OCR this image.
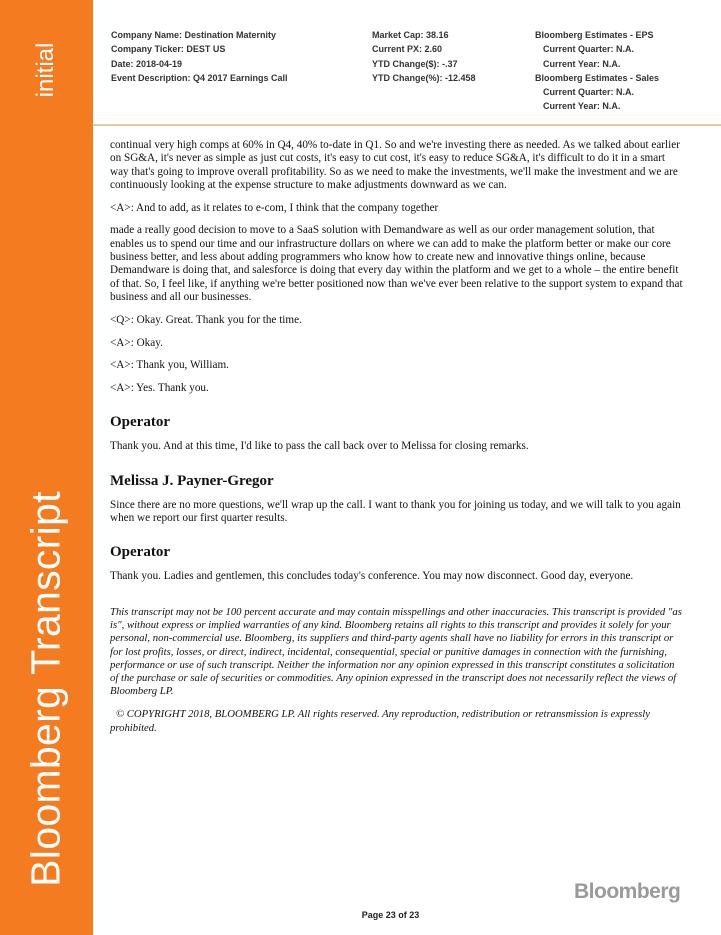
initial
Bloomberg Transcript
Company Name: Destination Maternity
Company Ticker: DEST US
Date: 2018-04-19
Event Description: Q4 2017 Earnings Call
Market Cap: 38.16
Current PX: 2.60
YTD Change($): -.37
YTD Change(%): -12.458
Bloomberg Estimates - EPS
Current Quarter: N.A.
Current Year: N.A.
Bloomberg Estimates - Sales
Current Quarter: N.A.
Current Year: N.A.

continual very high comps at 60% in Q4, 40% to-date in Q1. So and we're investing there as needed. As we talked about earlier on SG&A, it's never as simple as just cut costs, it's easy to cut cost, it's easy to reduce SG&A, it's difficult to do it in a smart way that's going to improve overall profitability. So as we need to make the investments, we'll make the investment and we are continuously looking at the expense structure to make adjustments downward as we can.

<A>: And to add, as it relates to e-com, I think that the company together

made a really good decision to move to a SaaS solution with Demandware as well as our order management solution, that enables us to spend our time and our infrastructure dollars on where we can add to make the platform better or make our core business better, and less about adding programmers who know how to create new and innovative things online, because Demandware is doing that, and salesforce is doing that every day within the platform and we get to a whole – the entire benefit of that. So, I feel like, if anything we're better positioned now than we've ever been relative to the support system to expand that business and all our businesses.

<Q>: Okay. Great. Thank you for the time.

<A>: Okay.

<A>: Thank you, William.

<A>: Yes. Thank you.

Operator

Thank you. And at this time, I'd like to pass the call back over to Melissa for closing remarks.

Melissa J. Payner-Gregor

Since there are no more questions, we'll wrap up the call. I want to thank you for joining us today, and we will talk to you again when we report our first quarter results.

Operator

Thank you. Ladies and gentlemen, this concludes today's conference. You may now disconnect. Good day, everyone.

This transcript may not be 100 percent accurate and may contain misspellings and other inaccuracies. This transcript is provided "as is", without express or implied warranties of any kind. Bloomberg retains all rights to this transcript and provides it solely for your personal, non-commercial use. Bloomberg, its suppliers and third-party agents shall have no liability for errors in this transcript or for lost profits, losses, or direct, indirect, incidental, consequential, special or punitive damages in connection with the furnishing, performance or use of such transcript. Neither the information nor any opinion expressed in this transcript constitutes a solicitation of the purchase or sale of securities or commodities. Any opinion expressed in the transcript does not necessarily reflect the views of Bloomberg LP.

© COPYRIGHT 2018, BLOOMBERG LP. All rights reserved. Any reproduction, redistribution or retransmission is expressly prohibited.

Bloomberg
Page 23 of 23
